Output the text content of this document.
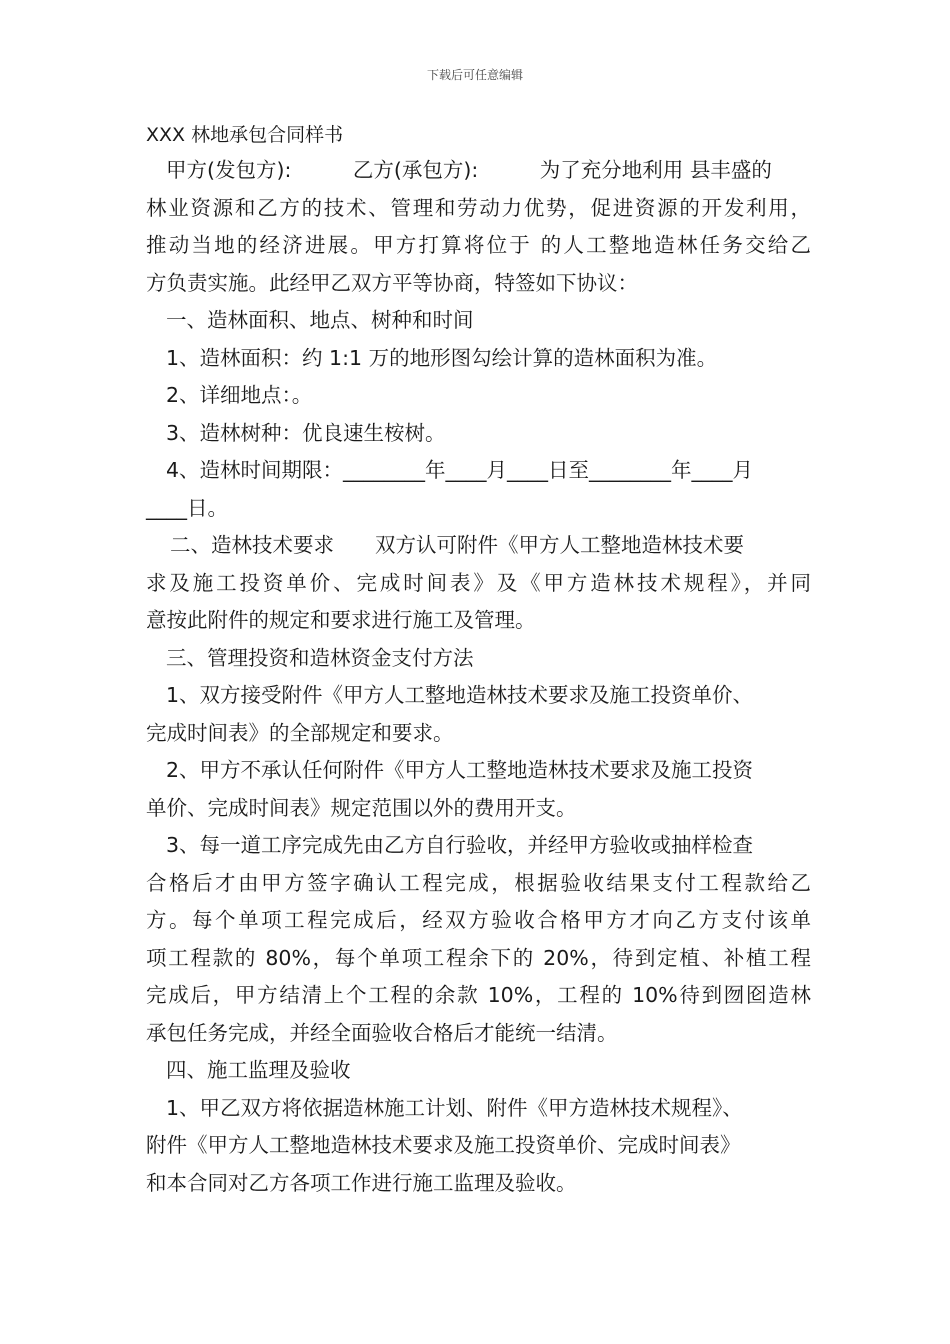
下载后可任意编辑

XXX 林地承包合同样书

甲方(发包方):　　　乙方(承包方):　　　为了充分地利用 县丰盛的

林业资源和乙方的技术、管理和劳动力优势，促进资源的开发利用，

推动当地的经济进展。甲方打算将位于 的人工整地造林任务交给乙

方负责实施。此经甲乙双方平等协商，特签如下协议：

一、造林面积、地点、树种和时间

1、造林面积：约 1:1 万的地形图勾绘计算的造林面积为准。

2、详细地点：。

3、造林树种：优良速生桉树。

4、造林时间期限：________年____月____日至________年____月

____日。

二、造林技术要求　　双方认可附件《甲方人工整地造林技术要

求及施工投资单价、完成时间表》及《甲方造林技术规程》，并同

意按此附件的规定和要求进行施工及管理。

三、管理投资和造林资金支付方法

1、双方接受附件《甲方人工整地造林技术要求及施工投资单价、

完成时间表》的全部规定和要求。

2、甲方不承认任何附件《甲方人工整地造林技术要求及施工投资

单价、完成时间表》规定范围以外的费用开支。

3、每一道工序完成先由乙方自行验收，并经甲方验收或抽样检查

合格后才由甲方签字确认工程完成，根据验收结果支付工程款给乙

方。每个单项工程完成后，经双方验收合格甲方才向乙方支付该单

项工程款的 80%，每个单项工程余下的 20%，待到定植、补植工程

完成后，甲方结清上个工程的余款 10%，工程的 10%待到囫囵造林

承包任务完成，并经全面验收合格后才能统一结清。

四、施工监理及验收

1、甲乙双方将依据造林施工计划、附件《甲方造林技术规程》、

附件《甲方人工整地造林技术要求及施工投资单价、完成时间表》

和本合同对乙方各项工作进行施工监理及验收。
